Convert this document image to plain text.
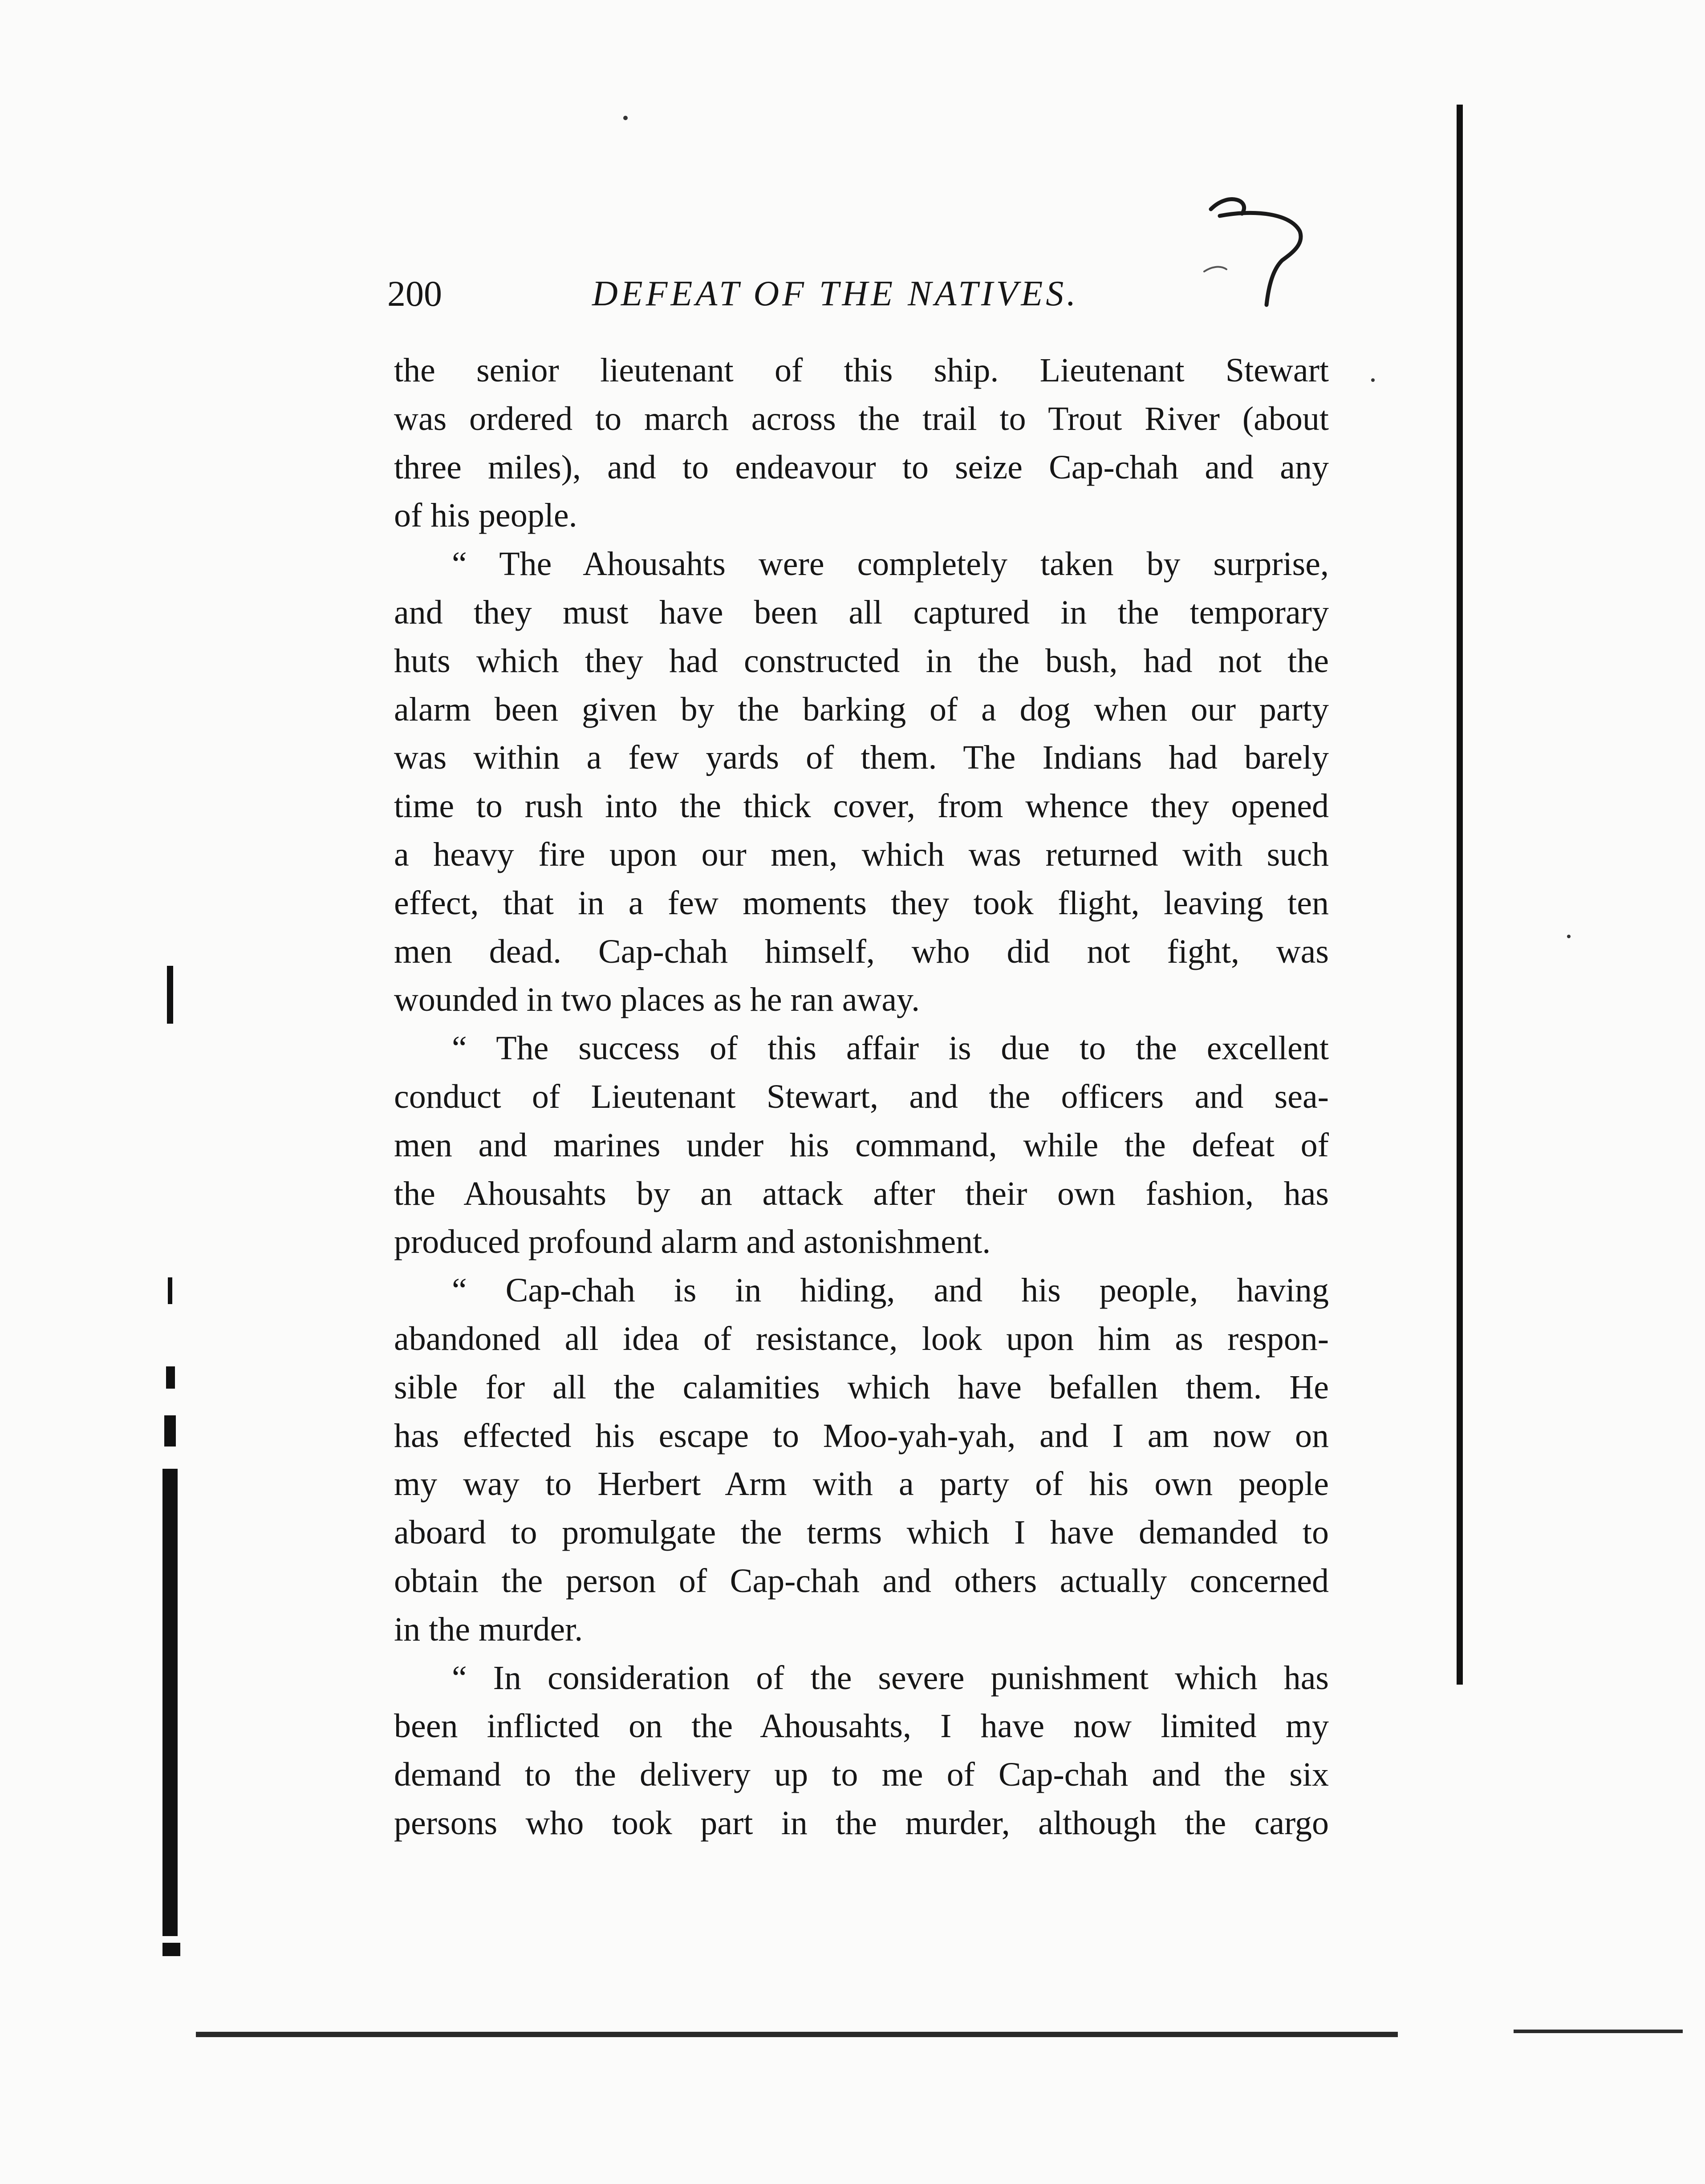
200	DEFEAT OF THE NATIVES.
the senior lieutenant of this ship. Lieutenant Stewart
was ordered to march across the trail to Trout River (about
three miles), and to endeavour to seize Cap-chah and any
of his people.
“ The Ahousahts were completely taken by surprise,
and they must have been all captured in the temporary
huts which they had constructed in the bush, had not the
alarm been given by the barking of a dog when our party
was within a few yards of them. The Indians had barely
time to rush into the thick cover, from whence they opened
a heavy fire upon our men, which was returned with such
effect, that in a few moments they took flight, leaving ten
men dead. Cap-chah himself, who did not fight, was
wounded in two places as he ran away.
“ The success of this affair is due to the excellent
conduct of Lieutenant Stewart, and the officers and sea-
men and marines under his command, while the defeat of
the Ahousahts by an attack after their own fashion, has
produced profound alarm and astonishment.
“ Cap-chah is in hiding, and his people, having
abandoned all idea of resistance, look upon him as respon-
sible for all the calamities which have befallen them. He
has effected his escape to Moo-yah-yah, and I am now on
my way to Herbert Arm with a party of his own people
aboard to promulgate the terms which I have demanded to
obtain the person of Cap-chah and others actually concerned
in the murder.
“ In consideration of the severe punishment which has
been inflicted on the Ahousahts, I have now limited my
demand to the delivery up to me of Cap-chah and the six
persons who took part in the murder, although the cargo
